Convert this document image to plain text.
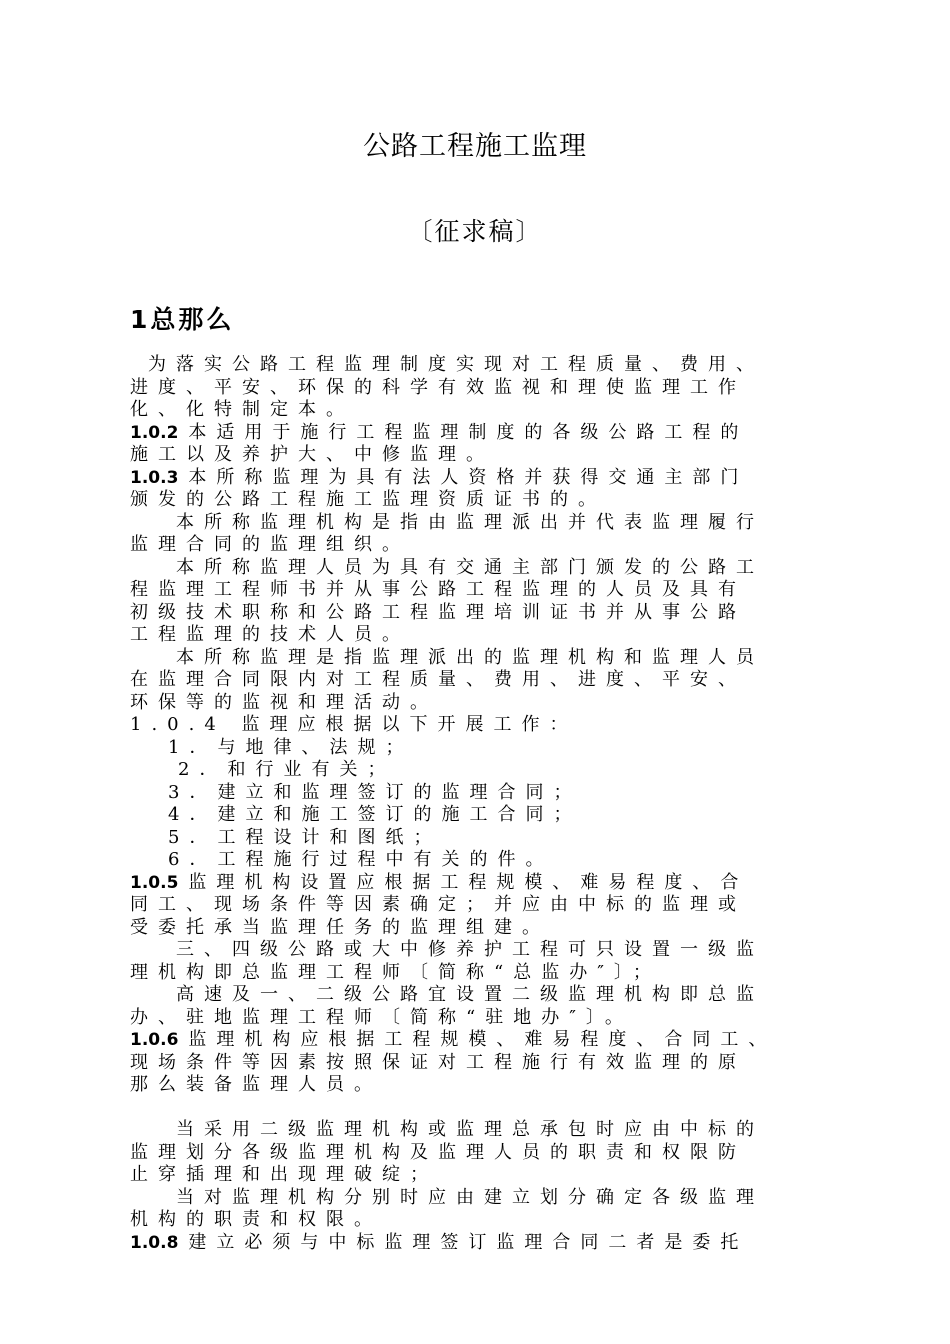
公路工程施工监理
〔征求稿〕
1总那么
为落实公路工程监理制度实现对工程质量、费用、
进度、平安、环保的科学有效监视和理使监理工作
化、化特制定本。
1.0.2 本适用于施行工程监理制度的各级公路工程的
施工以及养护大、中修监理。
1.0.3 本所称监理为具有法人资格并获得交通主部门
颁发的公路工程施工监理资质证书的。
本所称监理机构是指由监理派出并代表监理履行
监理合同的监理组织。
本所称监理人员为具有交通主部门颁发的公路工
程监理工程师书并从事公路工程监理的人员及具有
初级技术职称和公路工程监理培训证书并从事公路
工程监理的技术人员。
本所称监理是指监理派出的监理机构和监理人员
在监理合同限内对工程质量、费用、进度、平安、
环保等的监视和理活动。
1.0.4 监理应根据以下开展工作：
1．与地律、法规；
2．和行业有关；
3．建立和监理签订的监理合同；
4．建立和施工签订的施工合同；
5．工程设计和图纸；
6．工程施行过程中有关的件。
1.0.5 监理机构设置应根据工程规模、难易程度、合
同工、现场条件等因素确定；并应由中标的监理或
受委托承当监理任务的监理组建。
三、四级公路或大中修养护工程可只设置一级监
理机构即总监理工程师〔简称“总监办″〕；
高速及一、二级公路宜设置二级监理机构即总监
办、驻地监理工程师〔简称“驻地办″〕。
1.0.6 监理机构应根据工程规模、难易程度、合同工、
现场条件等因素按照保证对工程施行有效监理的原
那么装备监理人员。
当采用二级监理机构或监理总承包时应由中标的
监理划分各级监理机构及监理人员的职责和权限防
止穿插理和出现理破绽；
当对监理机构分别时应由建立划分确定各级监理
机构的职责和权限。
1.0.8 建立必须与中标监理签订监理合同二者是委托
